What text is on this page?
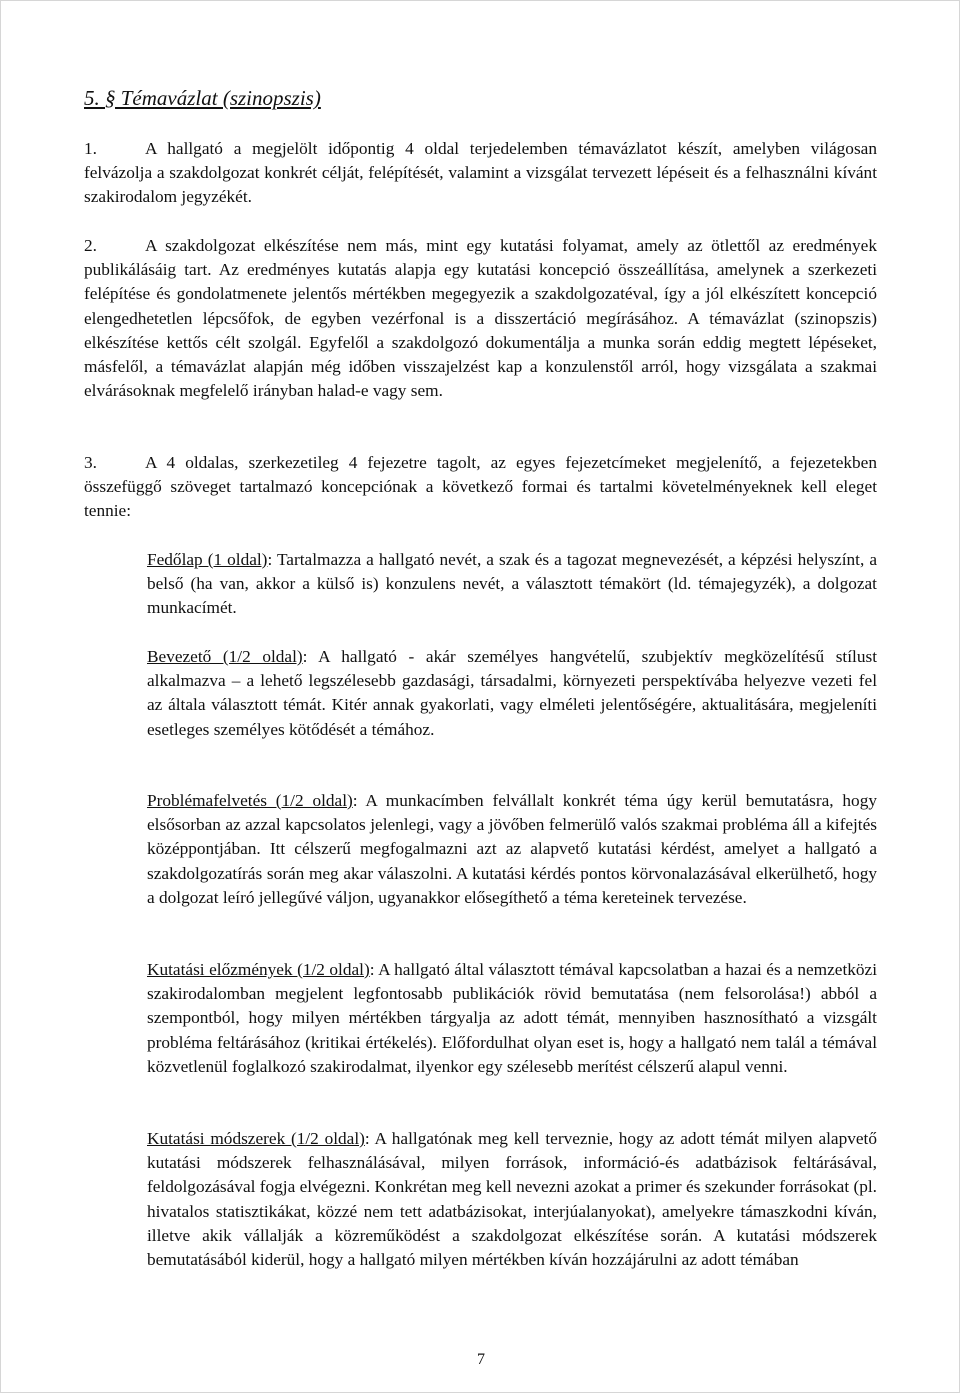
5. § Témavázlat (szinopszis)

1.	A hallgató a megjelölt időpontig 4 oldal terjedelemben témavázlatot készít, amelyben világosan felvázolja a szakdolgozat konkrét célját, felépítését, valamint a vizsgálat tervezett lépéseit és a felhasználni kívánt szakirodalom jegyzékét.

2.	A szakdolgozat elkészítése nem más, mint egy kutatási folyamat, amely az ötlettől az eredmények publikálásáig tart. Az eredményes kutatás alapja egy kutatási koncepció összeállítása, amelynek a szerkezeti felépítése és gondolatmenete jelentős mértékben megegyezik a szakdolgozatéval, így a jól elkészített koncepció elengedhetetlen lépcsőfok, de egyben vezérfonal is a disszertáció megírásához. A témavázlat (szinopszis) elkészítése kettős célt szolgál. Egyfelől a szakdolgozó dokumentálja a munka során eddig megtett lépéseket, másfelől, a témavázlat alapján még időben visszajelzést kap a konzulenstől arról, hogy vizsgálata a szakmai elvárásoknak megfelelő irányban halad-e vagy sem.

3.	A 4 oldalas, szerkezetileg 4 fejezetre tagolt, az egyes fejezetcímeket megjelenítő, a fejezetekben összefüggő szöveget tartalmazó koncepciónak a következő formai és tartalmi követelményeknek kell eleget tennie:

Fedőlap (1 oldal): Tartalmazza a hallgató nevét, a szak és a tagozat megnevezését, a képzési helyszínt, a belső (ha van, akkor a külső is) konzulens nevét, a választott témakört (ld. témajegyzék), a dolgozat munkacímét.

Bevezető (1/2 oldal): A hallgató - akár személyes hangvételű, szubjektív megközelítésű stílust alkalmazva – a lehető legszélesebb gazdasági, társadalmi, környezeti perspektívába helyezve vezeti fel az általa választott témát. Kitér annak gyakorlati, vagy elméleti jelentőségére, aktualitására, megjeleníti esetleges személyes kötődését a témához.

Problémafelvetés (1/2 oldal): A munkacímben felvállalt konkrét téma úgy kerül bemutatásra, hogy elsősorban az azzal kapcsolatos jelenlegi, vagy a jövőben felmerülő valós szakmai probléma áll a kifejtés középpontjában. Itt célszerű megfogalmazni azt az alapvető kutatási kérdést, amelyet a hallgató a szakdolgozatírás során meg akar válaszolni. A kutatási kérdés pontos körvonalazásával elkerülhető, hogy a dolgozat leíró jellegűvé váljon, ugyanakkor elősegíthető a téma kereteinek tervezése.

Kutatási előzmények (1/2 oldal): A hallgató által választott témával kapcsolatban a hazai és a nemzetközi szakirodalomban megjelent legfontosabb publikációk rövid bemutatása (nem felsorolása!) abból a szempontból, hogy milyen mértékben tárgyalja az adott témát, mennyiben hasznosítható a vizsgált probléma feltárásához (kritikai értékelés). Előfordulhat olyan eset is, hogy a hallgató nem talál a témával közvetlenül foglalkozó szakirodalmat, ilyenkor egy szélesebb merítést célszerű alapul venni.

Kutatási módszerek (1/2 oldal): A hallgatónak meg kell terveznie, hogy az adott témát milyen alapvető kutatási módszerek felhasználásával, milyen források, információ-és adatbázisok feltárásával, feldolgozásával fogja elvégezni. Konkrétan meg kell nevezni azokat a primer és szekunder forrásokat (pl. hivatalos statisztikákat, közzé nem tett adatbázisokat, interjúalanyokat), amelyekre támaszkodni kíván, illetve akik vállalják a közreműködést a szakdolgozat elkészítése során. A kutatási módszerek bemutatásából kiderül, hogy a hallgató milyen mértékben kíván hozzájárulni az adott témában

7
